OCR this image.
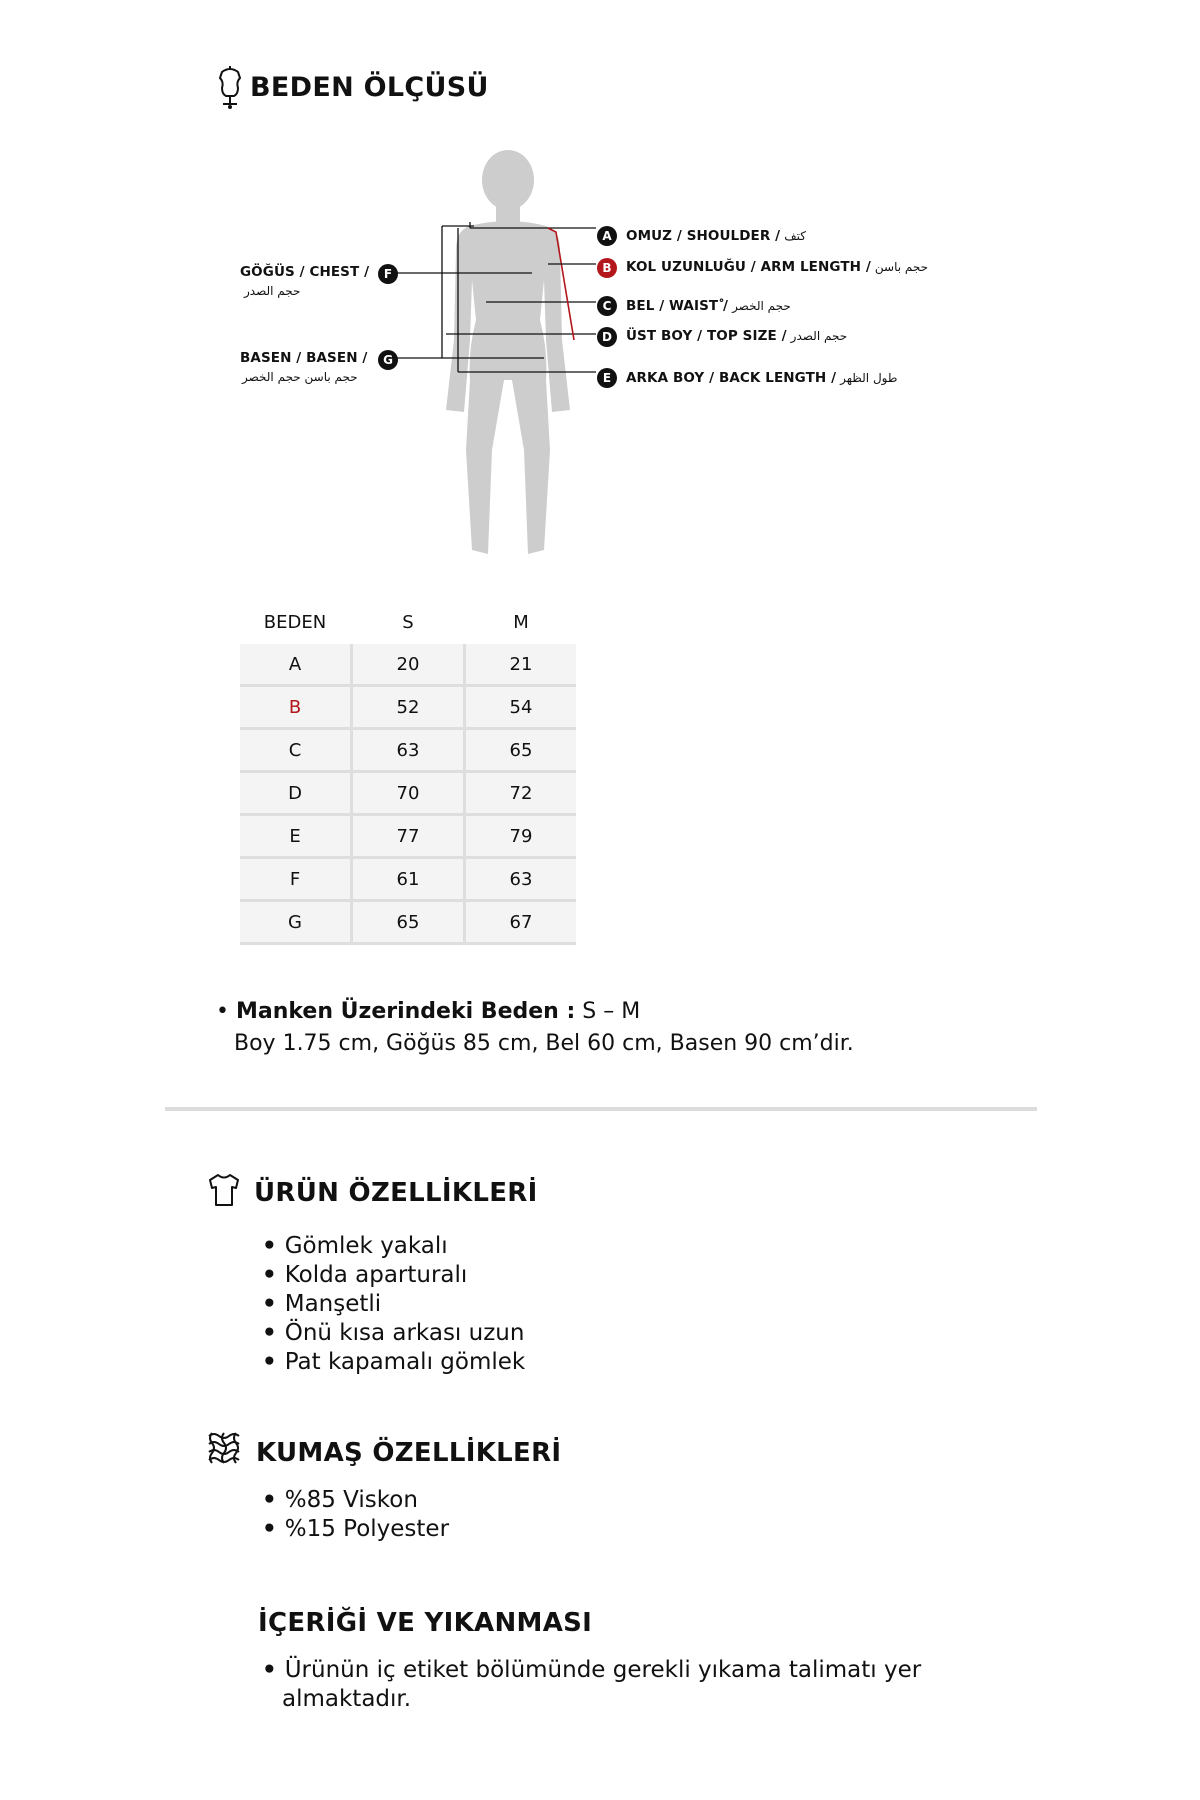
BEDEN ÖLÇÜSÜ
GÖĞÜS / CHEST /
حجم الصدر
F
BASEN / BASEN /
حجم باسن حجم الخصر
G
A	OMUZ / SHOULDER / كتف
B	KOL UZUNLUĞU / ARM LENGTH / حجم باسن
C	BEL / WAISTْ / حجم الخصر
D	ÜST BOY / TOP SIZE / حجم الصدر
E	ARKA BOY / BACK LENGTH / طول الظهر
BEDEN	S	M
A	20	21
B	52	54
C	63	65
D	70	72
E	77	79
F	61	63
G	65	67
• Manken Üzerindeki Beden : S – M
Boy 1.75 cm, Göğüs 85 cm, Bel 60 cm, Basen 90 cm’dir.
ÜRÜN ÖZELLİKLERİ
• Gömlek yakalı
• Kolda aparturalı
• Manşetli
• Önü kısa arkası uzun
• Pat kapamalı gömlek
KUMAŞ ÖZELLİKLERİ
• %85 Viskon
• %15 Polyester
İÇERİĞİ VE YIKANMASI
• Ürünün iç etiket bölümünde gerekli yıkama talimatı yer almaktadır.
